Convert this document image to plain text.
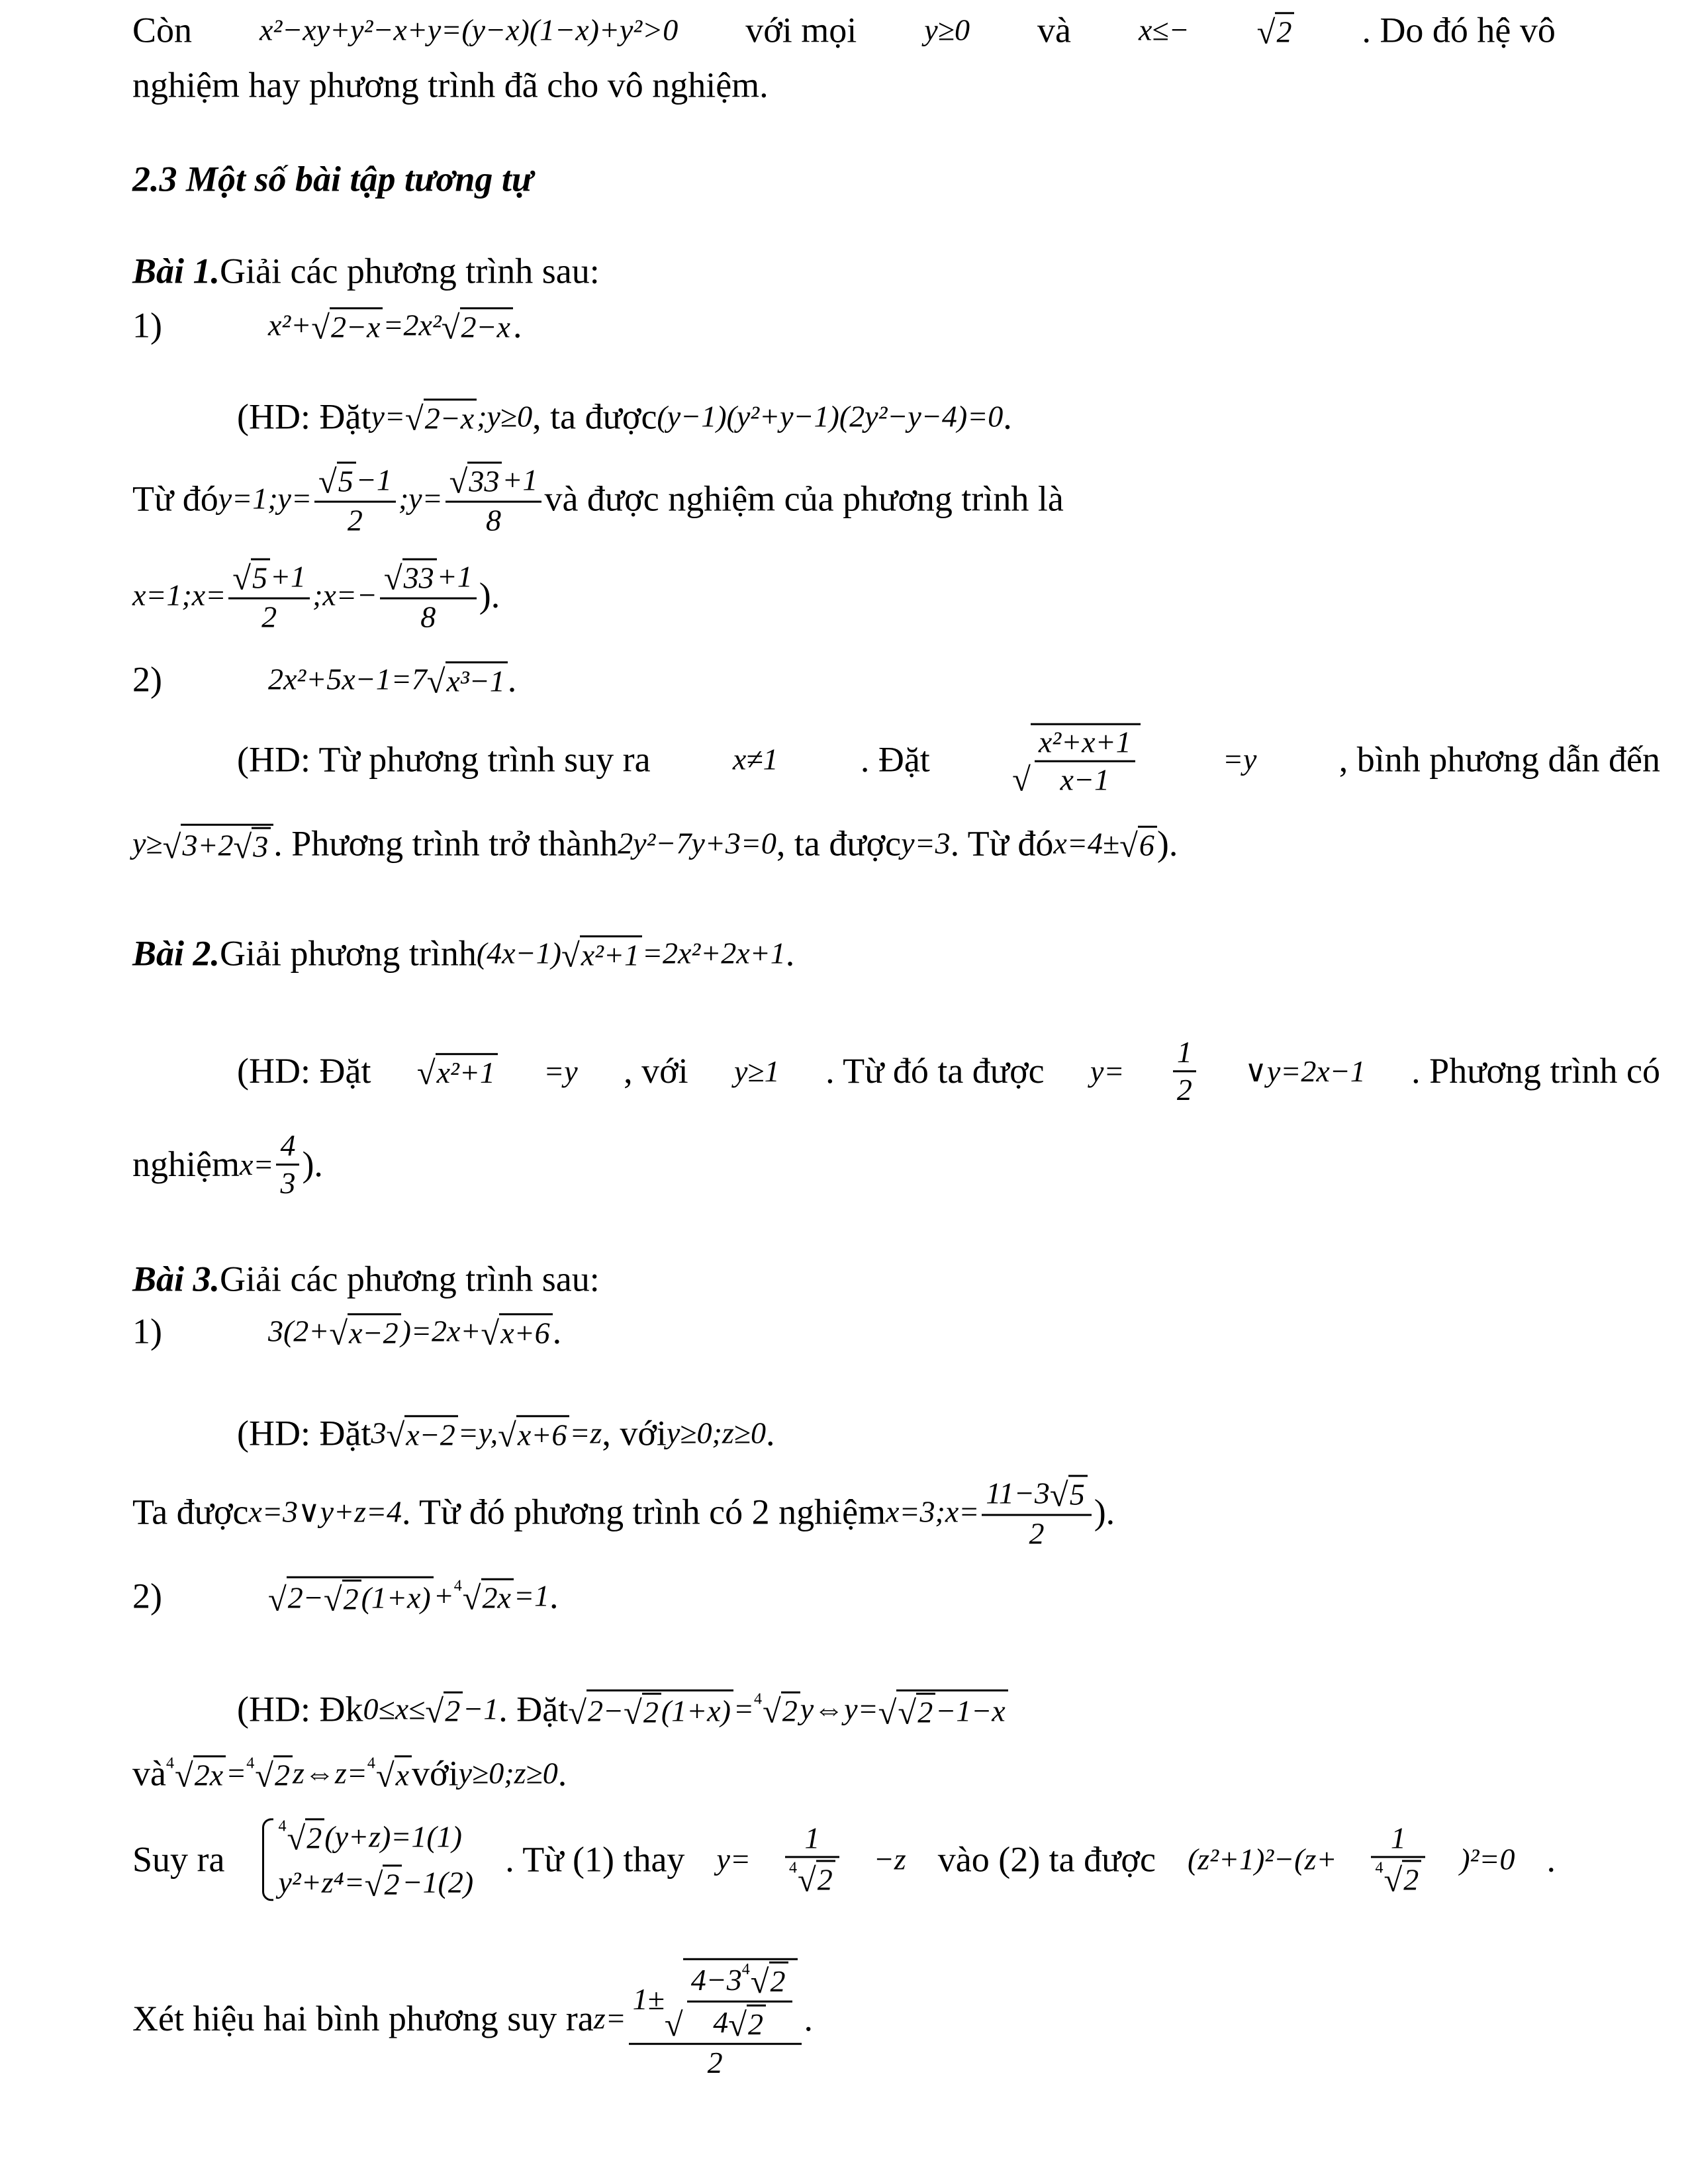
Còn x²−xy+y²−x+y=(y−x)(1−x)+y²>0 với mọi y≥0 và x≤− √ 2 . Do đó hệ vô
nghiệm hay phương trình đã cho vô nghiệm.
2.3 Một số bài tập tương tự
Bài 1. Giải các phương trình sau:
1)	x²+ √ 2−x =2x² √ 2−x .
(HD: Đặt y= √ 2−x ;y≥0 , ta được (y−1)(y²+y−1)(2y²−y−4)=0 .
Từ đó y=1;y= $\frac{√ 5 -1}{2}$ ;y= $\frac{√ 33 +1}{8}$ và được nghiệm của phương trình là
x=1;x= $\frac{√ 5 +1}{2}$ ;x=− $\frac{√ 33 +1}{8}$ ).
2)	2x²+5x−1=7 √ x³−1 .
(HD: Từ phương trình suy ra	x≠1 . Đặt
√ $\frac{\text{x²+x+1}}{x-1}$	=y , bình phương dẫn đến
y≥ √ 3+2 √ 3 . Phương trình trở thành 2y²−7y+3=0 , ta được y=3 . Từ đó x=4± √ 6 ).
Bài 2. Giải phương trình (4x−1) √ x²+1 =2x²+2x+1 .
(HD: Đặt √ x²+1 =y , với y≥1 . Từ đó ta được $y= \frac{1}{2}$ ∨y=2x−1 . Phương trình có
nghiệm $x= \frac{4}{3}$ ).
Bài 3. Giải các phương trình sau:
1)	3(2+ √ x−2 )=2x+ √ x+6 .
(HD: Đặt 3 √ x−2 =y, √ x+6 =z , với y≥0;z≥0 .
Ta được x=3∨y+z=4 . Từ đó phương trình có 2 nghiệm x=3;x= $\frac{11-3 √ 5}{2}$ ).
2)	√ 2− √ 2 (1+x) + 4 √ 2x =1 .
(HD: Đk 0≤x≤ √ 2 −1 . Đặt √ 2− √ 2 (1+x) = 4 √ 2 y⇔y= √ √ 2 −1−x
và 4 √ 2x = 4 √ 2 z⇔z= 4 √ x với y≥0;z≥0 .
Suy ra
4 √ 2 (y+z)=1(1)
y²+z⁴= √ 2 −1(2)
. Từ (1) thay $y= \frac{1}{4 √ 2} -z$ vào (2) ta được $(z^2+1)^2-(z+ \frac{1}{4 √ 2} )^2=0$ .
Xét hiệu hai bình phương suy ra z= 1±
√ $\frac{4-3 4 √ 2}{4 √ 2}$
2 .
